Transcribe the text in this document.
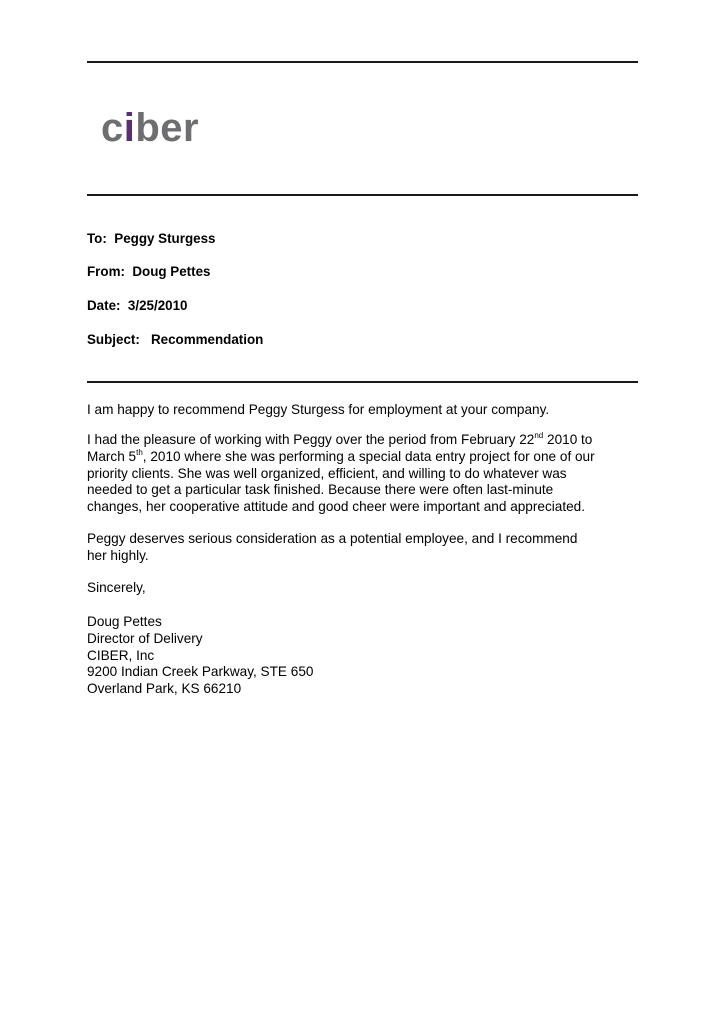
ciber
To:  Peggy Sturgess
From:  Doug Pettes
Date:  3/25/2010
Subject:   Recommendation
I am happy to recommend Peggy Sturgess for employment at your company.
I had the pleasure of working with Peggy over the period from February 22nd 2010 to
March 5th, 2010 where she was performing a special data entry project for one of our
priority clients. She was well organized, efficient, and willing to do whatever was
needed to get a particular task finished. Because there were often last-minute
changes, her cooperative attitude and good cheer were important and appreciated.
Peggy deserves serious consideration as a potential employee, and I recommend
her highly.
Sincerely,
Doug Pettes
Director of Delivery
CIBER, Inc
9200 Indian Creek Parkway, STE 650
Overland Park, KS 66210
